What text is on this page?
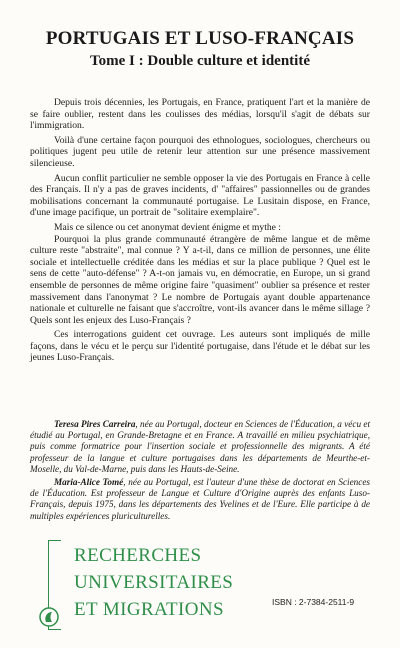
PORTUGAIS ET LUSO-FRANÇAIS
Tome I : Double culture et identité

Depuis trois décennies, les Portugais, en France, pratiquent l'art et la manière de se faire oublier, restent dans les coulisses des médias, lorsqu'il s'agit de débats sur l'immigration.

Voilà d'une certaine façon pourquoi des ethnologues, sociologues, chercheurs ou politiques jugent peu utile de retenir leur attention sur une présence massivement silencieuse.

Aucun conflit particulier ne semble opposer la vie des Portugais en France à celle des Français. Il n'y a pas de graves incidents, d' "affaires" passionnelles ou de grandes mobilisations concernant la communauté portugaise. Le Lusitain dispose, en France, d'une image pacifique, un portrait de "solitaire exemplaire".

Mais ce silence ou cet anonymat devient énigme et mythe :

Pourquoi la plus grande communauté étrangère de même langue et de même culture reste "abstraite", mal connue ? Y a-t-il, dans ce million de personnes, une élite sociale et intellectuelle créditée dans les médias et sur la place publique ? Quel est le sens de cette "auto-défense" ? A-t-on jamais vu, en démocratie, en Europe, un si grand ensemble de personnes de même origine faire "quasiment" oublier sa présence et rester massivement dans l'anonymat ? Le nombre de Portugais ayant double appartenance nationale et culturelle ne faisant que s'accroître, vont-ils avancer dans le même sillage ? Quels sont les enjeux des Luso-Français ?

Ces interrogations guident cet ouvrage. Les auteurs sont impliqués de mille façons, dans le vécu et le perçu sur l'identité portugaise, dans l'étude et le débat sur les jeunes Luso-Français.

Teresa Pires Carreira, née au Portugal, docteur en Sciences de l'Éducation, a vécu et étudié au Portugal, en Grande-Bretagne et en France. A travaillé en milieu psychiatrique, puis comme formatrice pour l'insertion sociale et professionnelle des migrants. A été professeur de la langue et culture portugaises dans les départements de Meurthe-et-Moselle, du Val-de-Marne, puis dans les Hauts-de-Seine.

Maria-Alice Tomé, née au Portugal, est l'auteur d'une thèse de doctorat en Sciences de l'Éducation. Est professeur de Langue et Culture d'Origine auprès des enfants Luso-Français, depuis 1975, dans les départements des Yvelines et de l'Eure. Elle participe à de multiples expériences pluriculturelles.

RECHERCHES
UNIVERSITAIRES
ET MIGRATIONS	ISBN : 2-7384-2511-9
